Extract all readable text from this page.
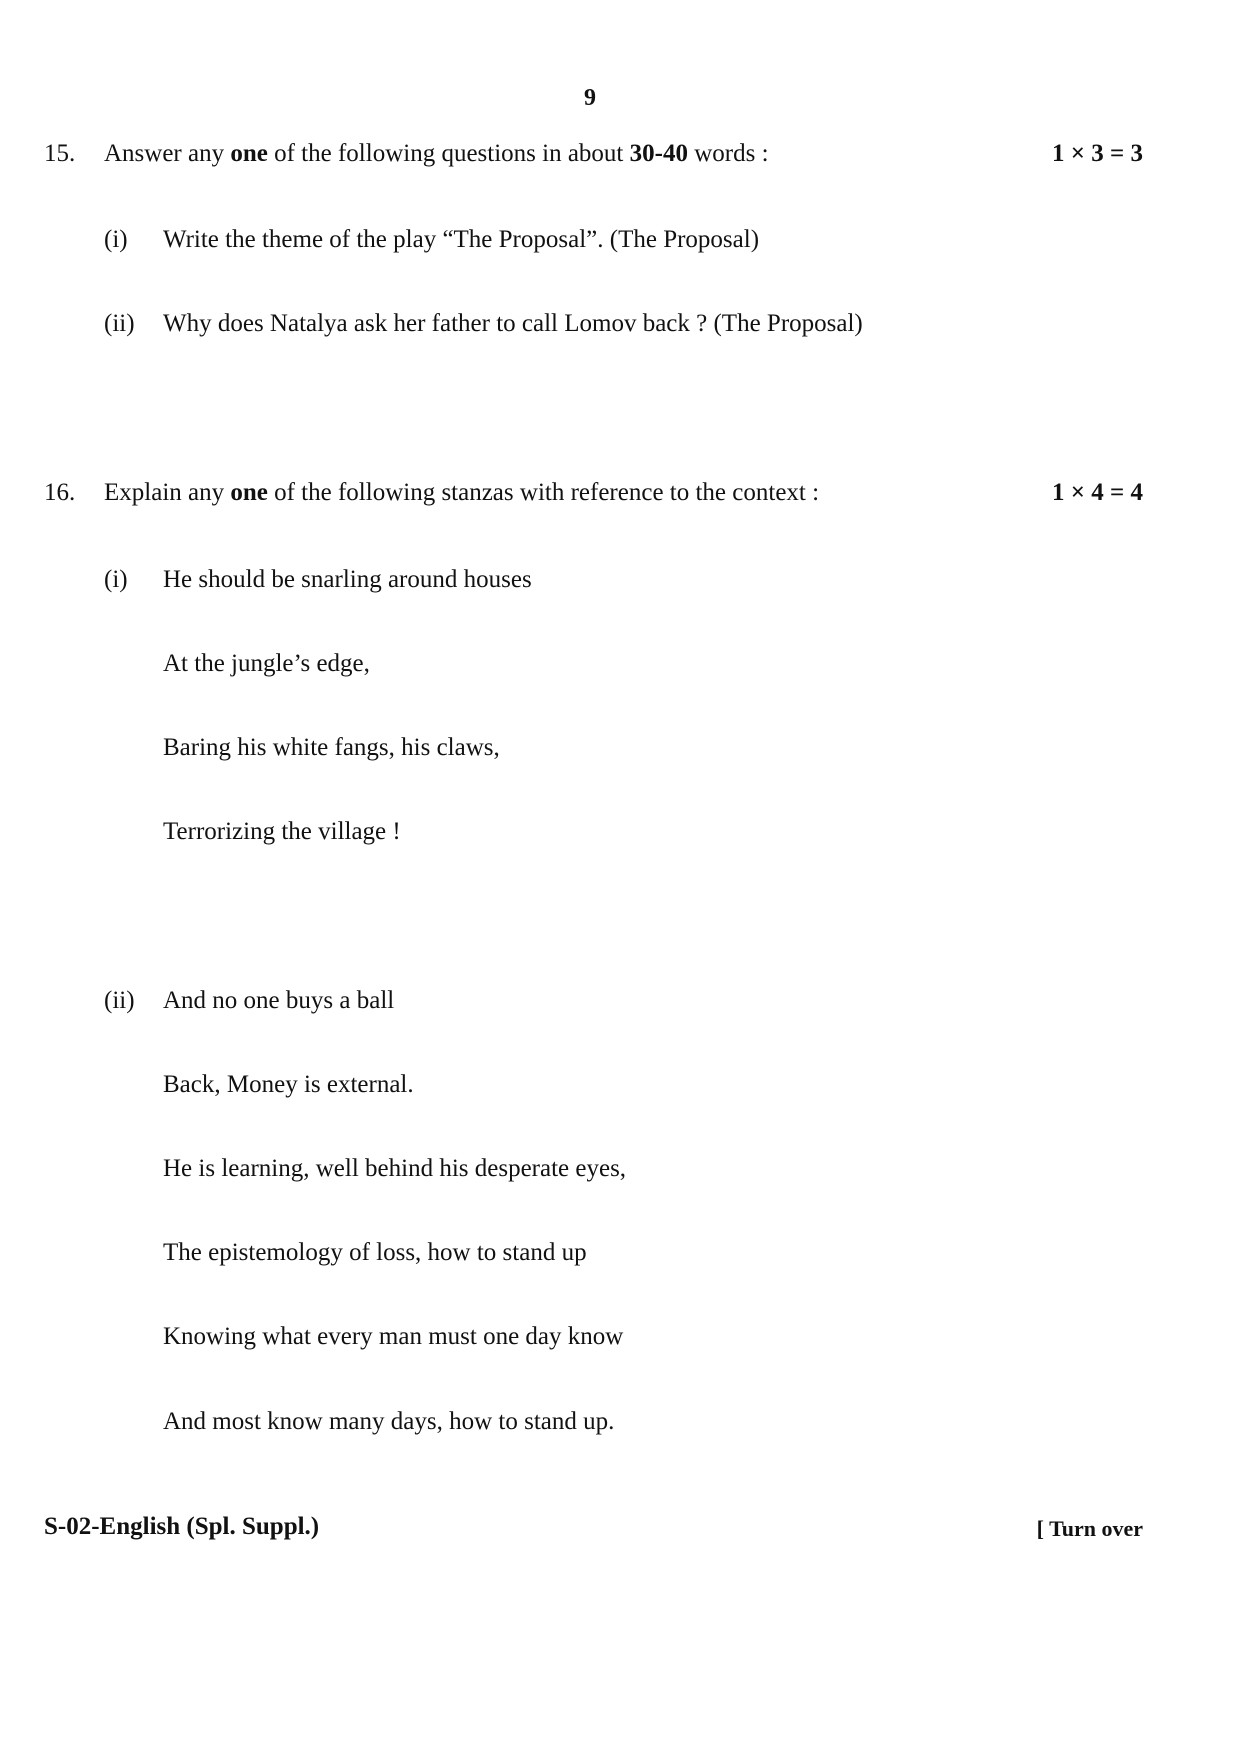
9
15. Answer any one of the following questions in about 30-40 words :	1 × 3 = 3
(i) Write the theme of the play “The Proposal”. (The Proposal)
(ii) Why does Natalya ask her father to call Lomov back ? (The Proposal)
16. Explain any one of the following stanzas with reference to the context :	1 × 4 = 4
(i) He should be snarling around houses
At the jungle’s edge,
Baring his white fangs, his claws,
Terrorizing the village !
(ii) And no one buys a ball
Back, Money is external.
He is learning, well behind his desperate eyes,
The epistemology of loss, how to stand up
Knowing what every man must one day know
And most know many days, how to stand up.
S-02-English (Spl. Suppl.)	[ Turn over
